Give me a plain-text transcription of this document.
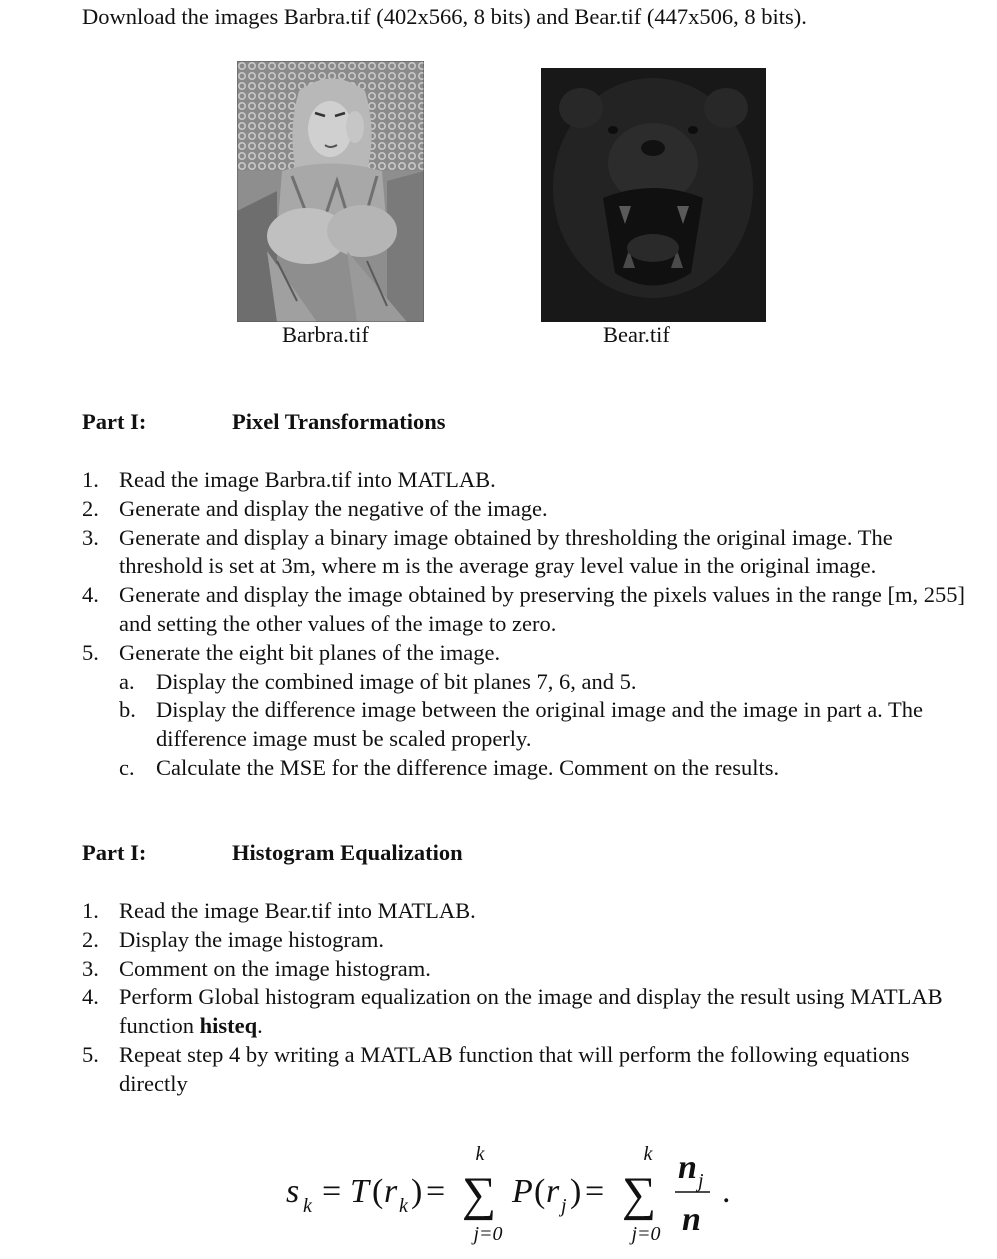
Download the images Barbra.tif (402x566, 8 bits) and Bear.tif (447x506, 8 bits).
Barbra.tif	Bear.tif
Part I:	Pixel Transformations
1. Read the image Barbra.tif into MATLAB.
2. Generate and display the negative of the image.
3. Generate and display a binary image obtained by thresholding the original image. The threshold is set at 3m, where m is the average gray level value in the original image.
4. Generate and display the image obtained by preserving the pixels values in the range [m, 255] and setting the other values of the image to zero.
5. Generate the eight bit planes of the image.
a. Display the combined image of bit planes 7, 6, and 5.
b. Display the difference image between the original image and the image in part a. The difference image must be scaled properly.
c. Calculate the MSE for the difference image. Comment on the results.
Part I:	Histogram Equalization
1. Read the image Bear.tif into MATLAB.
2. Display the image histogram.
3. Comment on the image histogram.
4. Perform Global histogram equalization on the image and display the result using MATLAB function histeq.
5. Repeat step 4 by writing a MATLAB function that will perform the following equations directly
s k = T ( r k ) =
k
∑
j=0
P ( r j ) =
k
∑
j=0
n j
n
.
